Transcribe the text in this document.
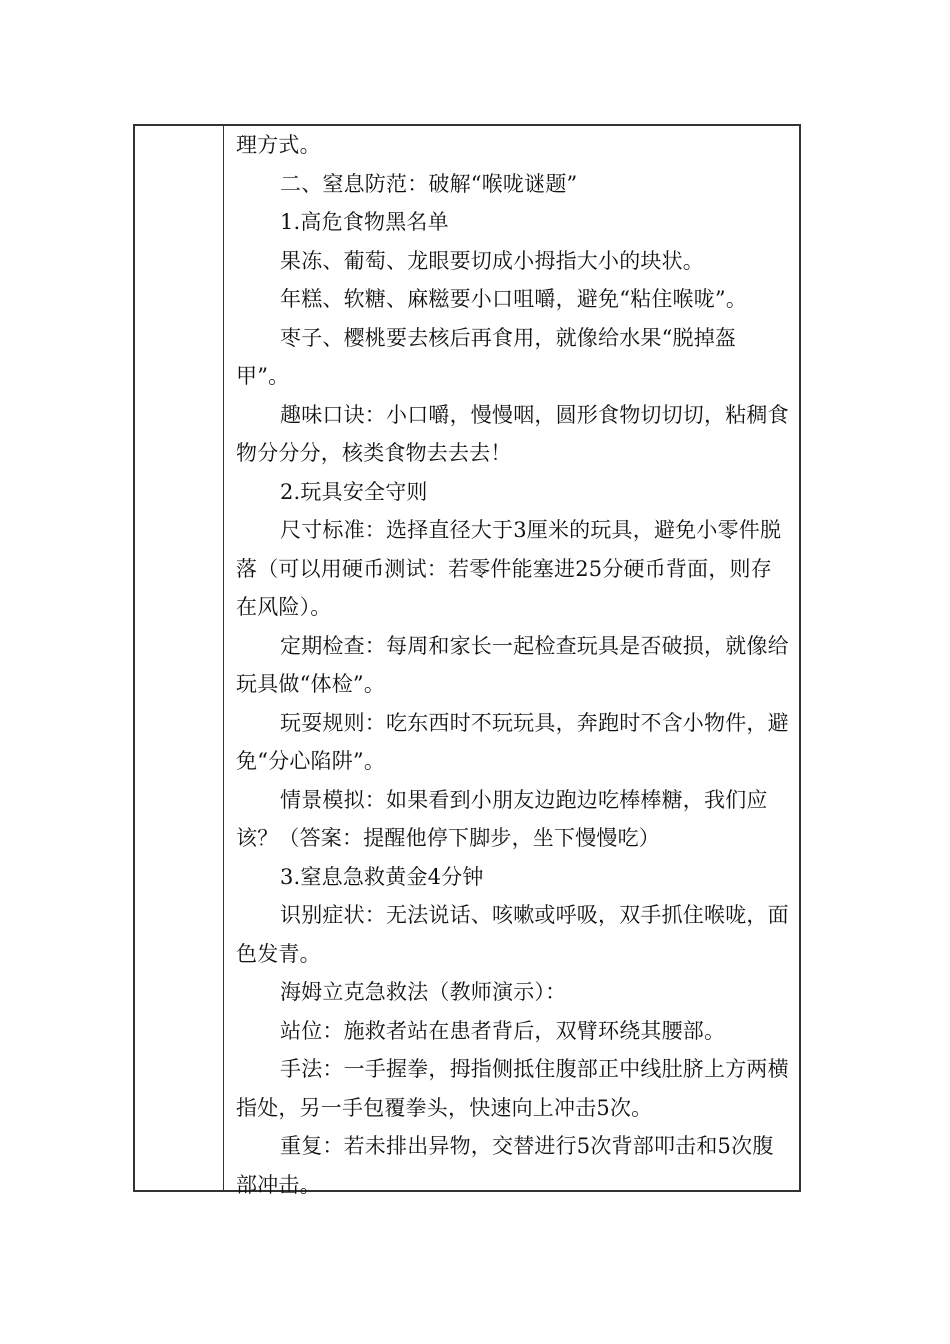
理方式。

二、窒息防范：破解“喉咙谜题”

1.高危食物黑名单

果冻、葡萄、龙眼要切成小拇指大小的块状。

年糕、软糖、麻糍要小口咀嚼，避免“粘住喉咙”。

枣子、樱桃要去核后再食用，就像给水果“脱掉盔甲”。

趣味口诀：小口嚼，慢慢咽，圆形食物切切切，粘稠食物分分分，核类食物去去去！

2.玩具安全守则

尺寸标准：选择直径大于3厘米的玩具，避免小零件脱落（可以用硬币测试：若零件能塞进25分硬币背面，则存在风险）。

定期检查：每周和家长一起检查玩具是否破损，就像给玩具做“体检”。

玩耍规则：吃东西时不玩玩具，奔跑时不含小物件，避免“分心陷阱”。

情景模拟：如果看到小朋友边跑边吃棒棒糖，我们应该？（答案：提醒他停下脚步，坐下慢慢吃）

3.窒息急救黄金4分钟

识别症状：无法说话、咳嗽或呼吸，双手抓住喉咙，面色发青。

海姆立克急救法（教师演示）：

站位：施救者站在患者背后，双臂环绕其腰部。

手法：一手握拳，拇指侧抵住腹部正中线肚脐上方两横指处，另一手包覆拳头，快速向上冲击5次。

重复：若未排出异物，交替进行5次背部叩击和5次腹部冲击。
